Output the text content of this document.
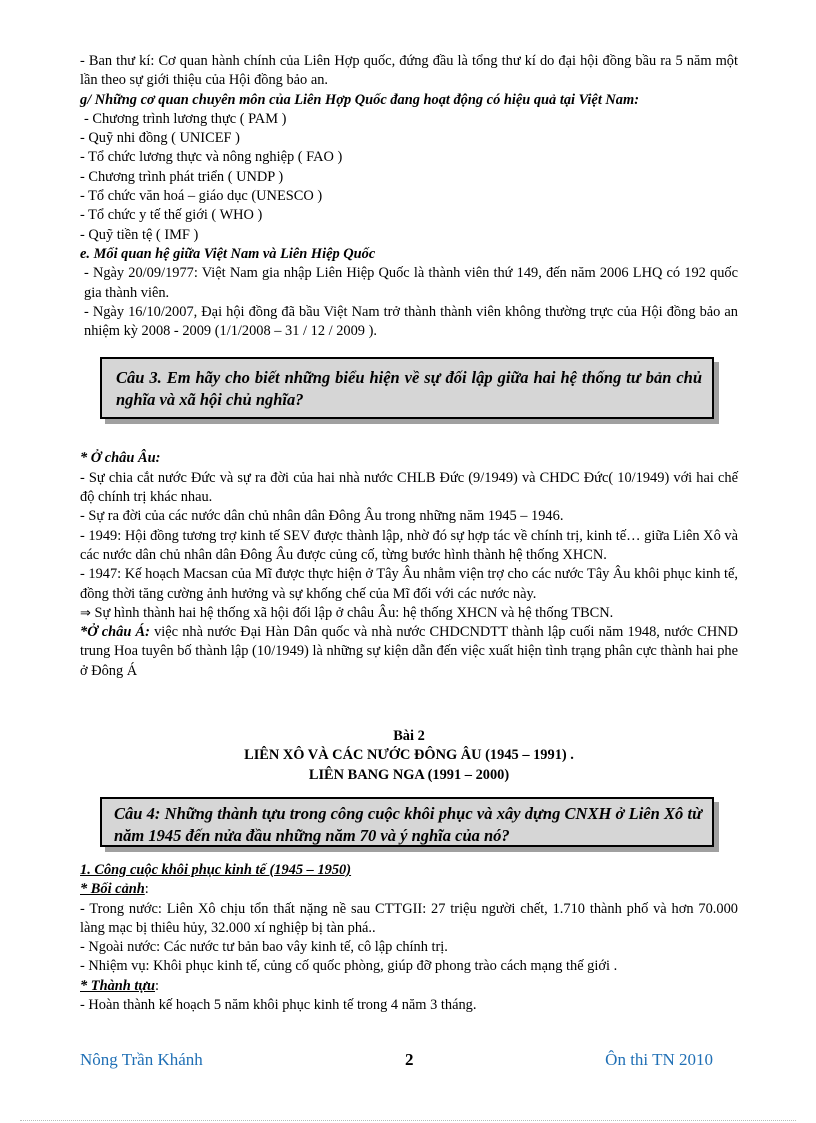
- Ban thư kí: Cơ quan hành chính của Liên Hợp quốc, đứng đầu là tổng thư kí do đại hội đồng bầu ra 5 năm một lần theo sự giới thiệu của Hội đồng bảo an.

g/ Những cơ quan chuyên môn của Liên Hợp Quốc đang hoạt động có hiệu quả tại Việt Nam:

- Chương trình lương thực ( PAM )

- Quỹ nhi đồng ( UNICEF )

- Tổ chức lương thực và nông nghiệp ( FAO )

- Chương trình phát triển ( UNDP )

- Tổ chức văn hoá – giáo dục (UNESCO )

- Tổ chức y tế thế giới ( WHO )

- Quỹ tiền tệ ( IMF )

e. Mối quan hệ giữa Việt Nam và Liên Hiệp Quốc

- Ngày 20/09/1977: Việt Nam gia nhập Liên Hiệp Quốc là thành viên thứ 149, đến năm 2006 LHQ có 192 quốc gia thành viên.

- Ngày 16/10/2007, Đại hội đồng đã bầu Việt Nam trở thành thành viên không thường trực của Hội đồng bảo an nhiệm kỳ 2008 - 2009 (1/1/2008 – 31 / 12 / 2009 ).

Câu 3. Em hãy cho biết những biểu hiện về sự đối lập giữa hai hệ thống tư bản chủ nghĩa và xã hội chủ nghĩa?

* Ở châu Âu:

- Sự chia cắt nước Đức và sự ra đời của hai nhà nước CHLB Đức (9/1949) và CHDC Đức( 10/1949) với hai chế độ chính trị khác nhau.

- Sự ra đời của các nước dân chủ nhân dân Đông Âu trong những năm 1945 – 1946.

- 1949: Hội đồng tương trợ kinh tế SEV được thành lập, nhờ đó sự hợp tác về chính trị, kinh tế… giữa Liên Xô và các nước dân chủ nhân dân Đông Âu được củng cố, từng bước hình thành hệ thống XHCN.

- 1947: Kế hoạch Macsan của Mĩ được thực hiện ở Tây Âu nhằm viện trợ cho các nước Tây Âu khôi phục kinh tế, đồng thời tăng cường ảnh hưởng và sự khống chế của Mĩ đối với các nước này.

⇒ Sự hình thành hai hệ thống xã hội đối lập ở châu Âu: hệ thống XHCN và hệ thống TBCN.

*Ở châu Á: việc nhà nước Đại Hàn Dân quốc và nhà nước CHDCNDTT thành lập cuối năm 1948, nước CHND trung Hoa tuyên bố thành lập (10/1949) là những sự kiện dẫn đến việc xuất hiện tình trạng phân cực thành hai phe ở Đông Á

Bài 2

LIÊN XÔ VÀ CÁC NƯỚC ĐÔNG ÂU (1945 – 1991) .

LIÊN BANG NGA (1991 – 2000)

Câu 4: Những thành tựu trong công cuộc khôi phục và xây dựng CNXH ở Liên Xô từ năm 1945 đến nửa đầu những năm 70 và ý nghĩa của nó?

1. Công cuộc khôi phục kinh tế (1945 – 1950)

* Bối cảnh:

- Trong nước: Liên Xô chịu tổn thất nặng nề sau CTTGII: 27 triệu người chết, 1.710 thành phố và hơn 70.000 làng mạc bị thiêu hủy, 32.000 xí nghiệp bị tàn phá..

- Ngoài nước: Các nước tư bản bao vây kinh tế, cô lập chính trị.

- Nhiệm vụ: Khôi phục kinh tế, củng cố quốc phòng, giúp đỡ phong trào cách mạng thế giới .

* Thành tựu:

- Hoàn thành kế hoạch 5 năm khôi phục kinh tế trong 4 năm 3 tháng.

Nông Trần Khánh	2	Ôn thi TN 2010
